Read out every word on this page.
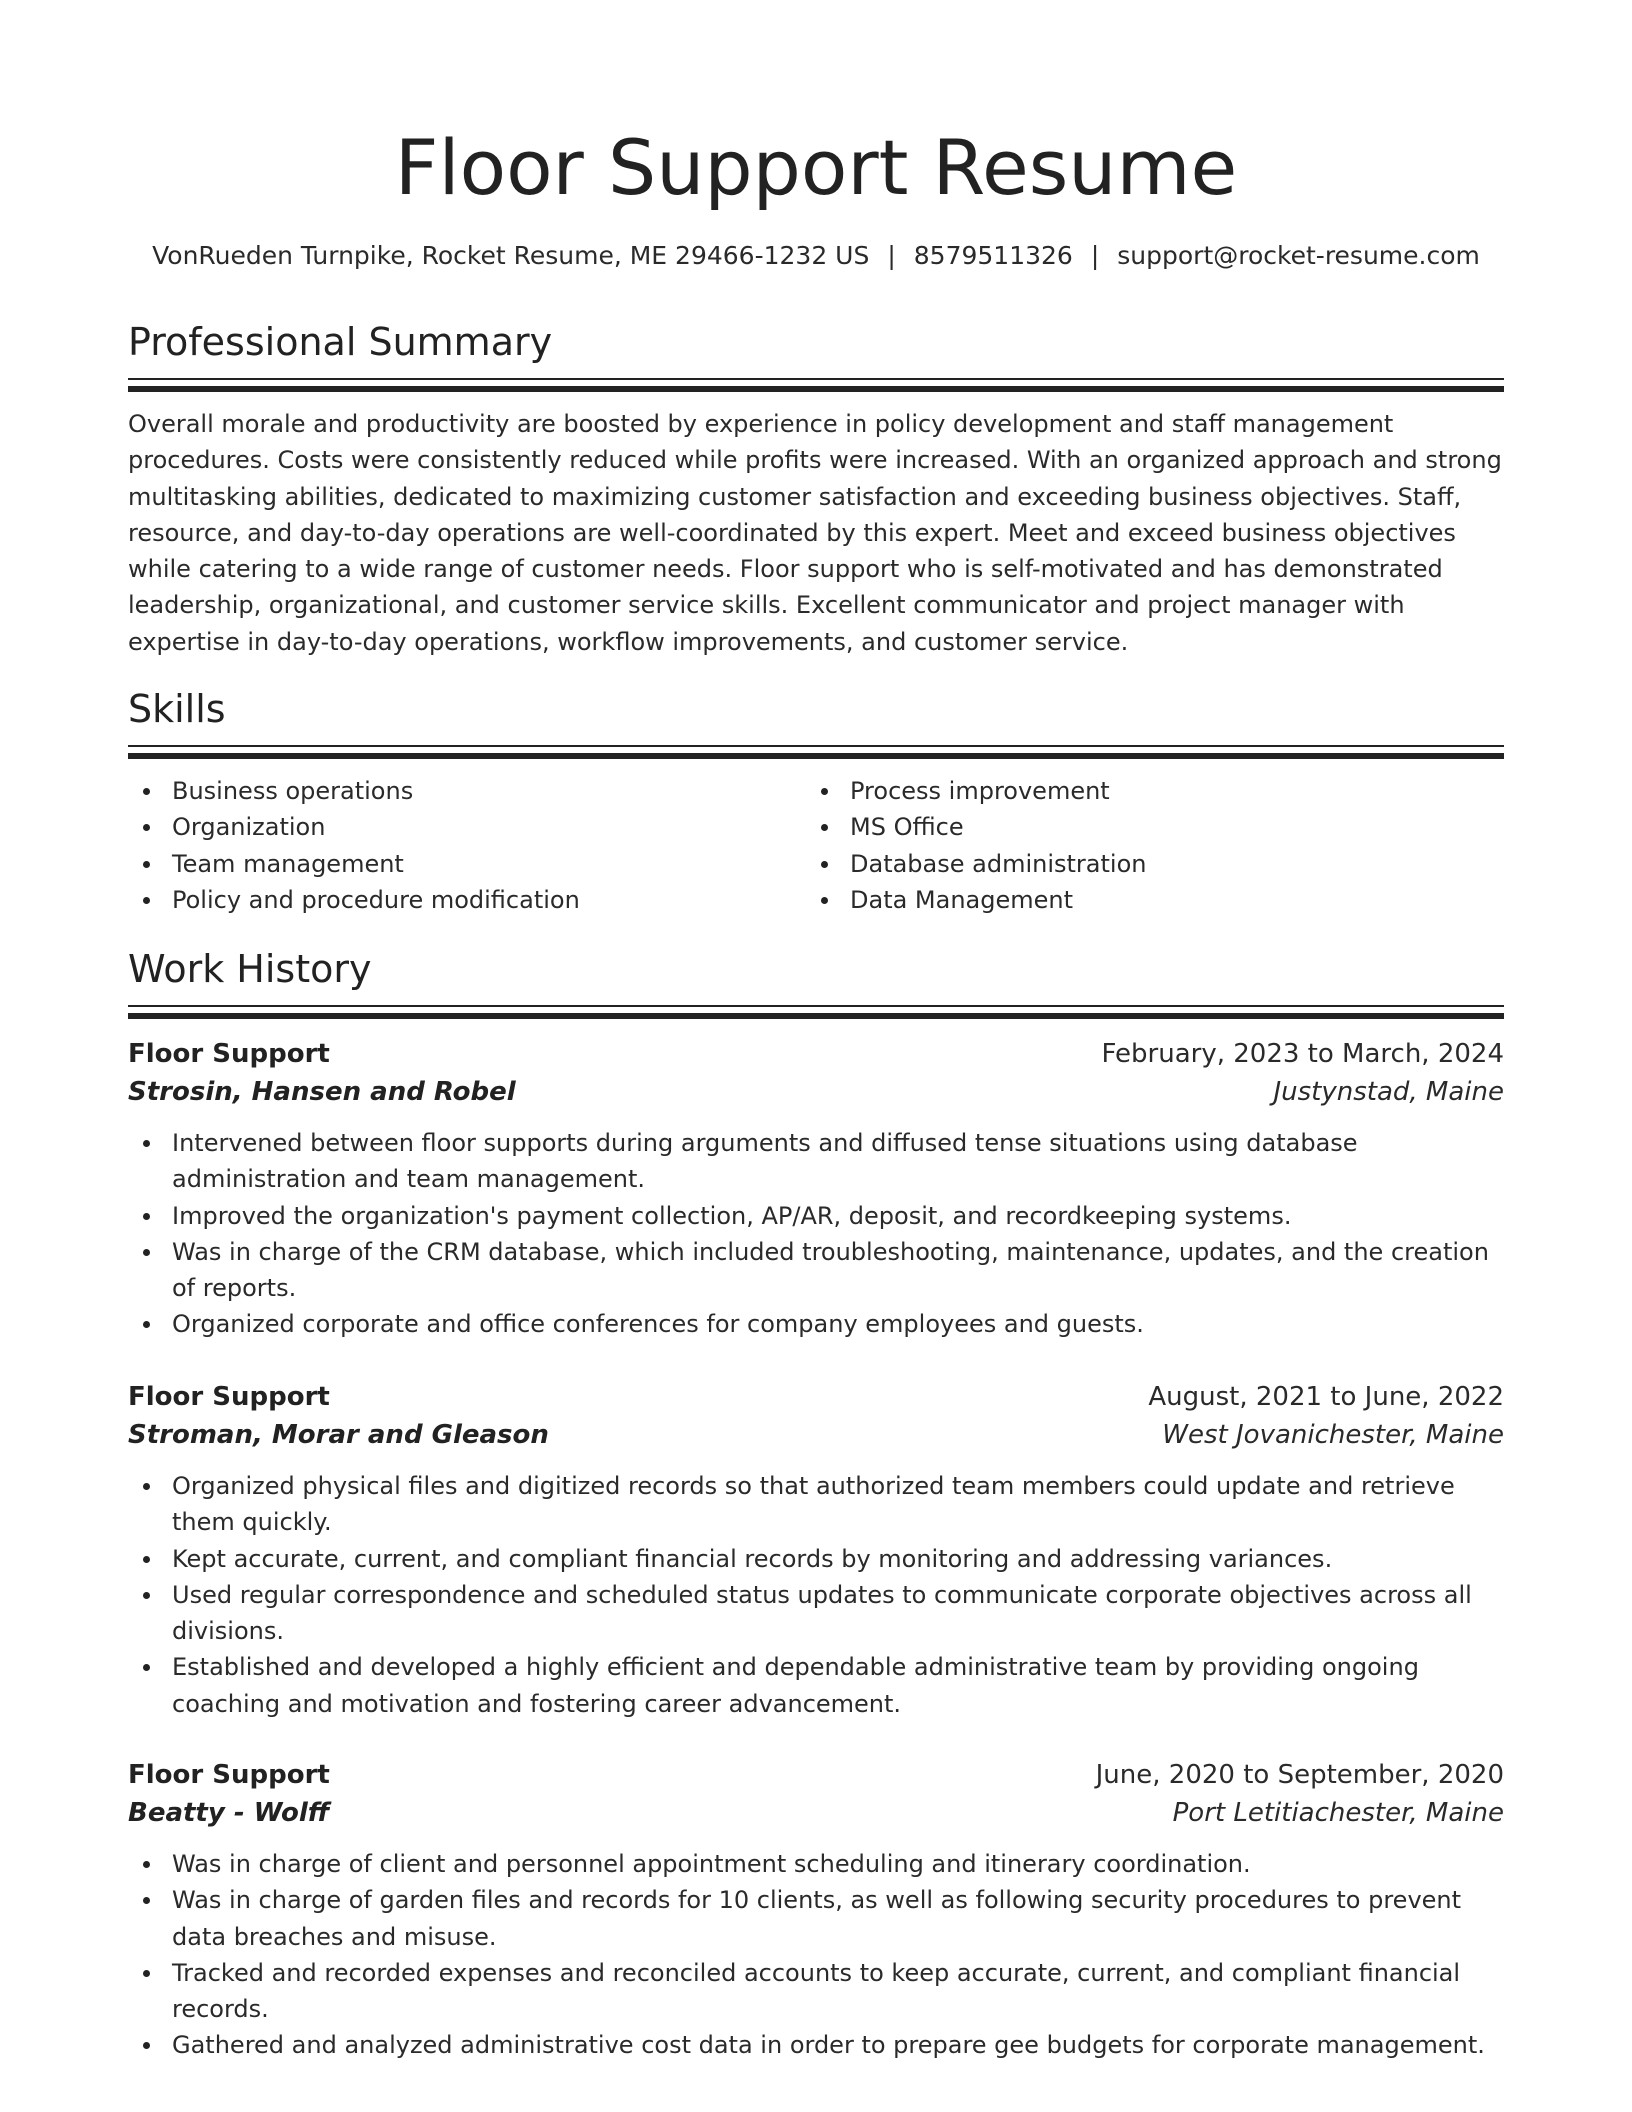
Floor Support Resume
VonRueden Turnpike, Rocket Resume, ME 29466-1232 US | 8579511326 | support@rocket-resume.com
Professional Summary

Overall morale and productivity are boosted by experience in policy development and staff management procedures. Costs were consistently reduced while profits were increased. With an organized approach and strong multitasking abilities, dedicated to maximizing customer satisfaction and exceeding business objectives. Staff, resource, and day-to-day operations are well-coordinated by this expert. Meet and exceed business objectives while catering to a wide range of customer needs. Floor support who is self-motivated and has demonstrated leadership, organizational, and customer service skills. Excellent communicator and project manager with expertise in day-to-day operations, workflow improvements, and customer service.

Skills
Business operations
Organization
Team management
Policy and procedure modification
Process improvement
MS Office
Database administration
Data Management
Work History
Floor Support	February, 2023 to March, 2024
Strosin, Hansen and Robel	Justynstad, Maine
Intervened between floor supports during arguments and diffused tense situations using database administration and team management.
Improved the organization's payment collection, AP/AR, deposit, and recordkeeping systems.
Was in charge of the CRM database, which included troubleshooting, maintenance, updates, and the creation of reports.
Organized corporate and office conferences for company employees and guests.
Floor Support	August, 2021 to June, 2022
Stroman, Morar and Gleason	West Jovanichester, Maine
Organized physical files and digitized records so that authorized team members could update and retrieve them quickly.
Kept accurate, current, and compliant financial records by monitoring and addressing variances.
Used regular correspondence and scheduled status updates to communicate corporate objectives across all divisions.
Established and developed a highly efficient and dependable administrative team by providing ongoing coaching and motivation and fostering career advancement.
Floor Support	June, 2020 to September, 2020
Beatty - Wolff	Port Letitiachester, Maine
Was in charge of client and personnel appointment scheduling and itinerary coordination.
Was in charge of garden files and records for 10 clients, as well as following security procedures to prevent data breaches and misuse.
Tracked and recorded expenses and reconciled accounts to keep accurate, current, and compliant financial records.
Gathered and analyzed administrative cost data in order to prepare gee budgets for corporate management.
